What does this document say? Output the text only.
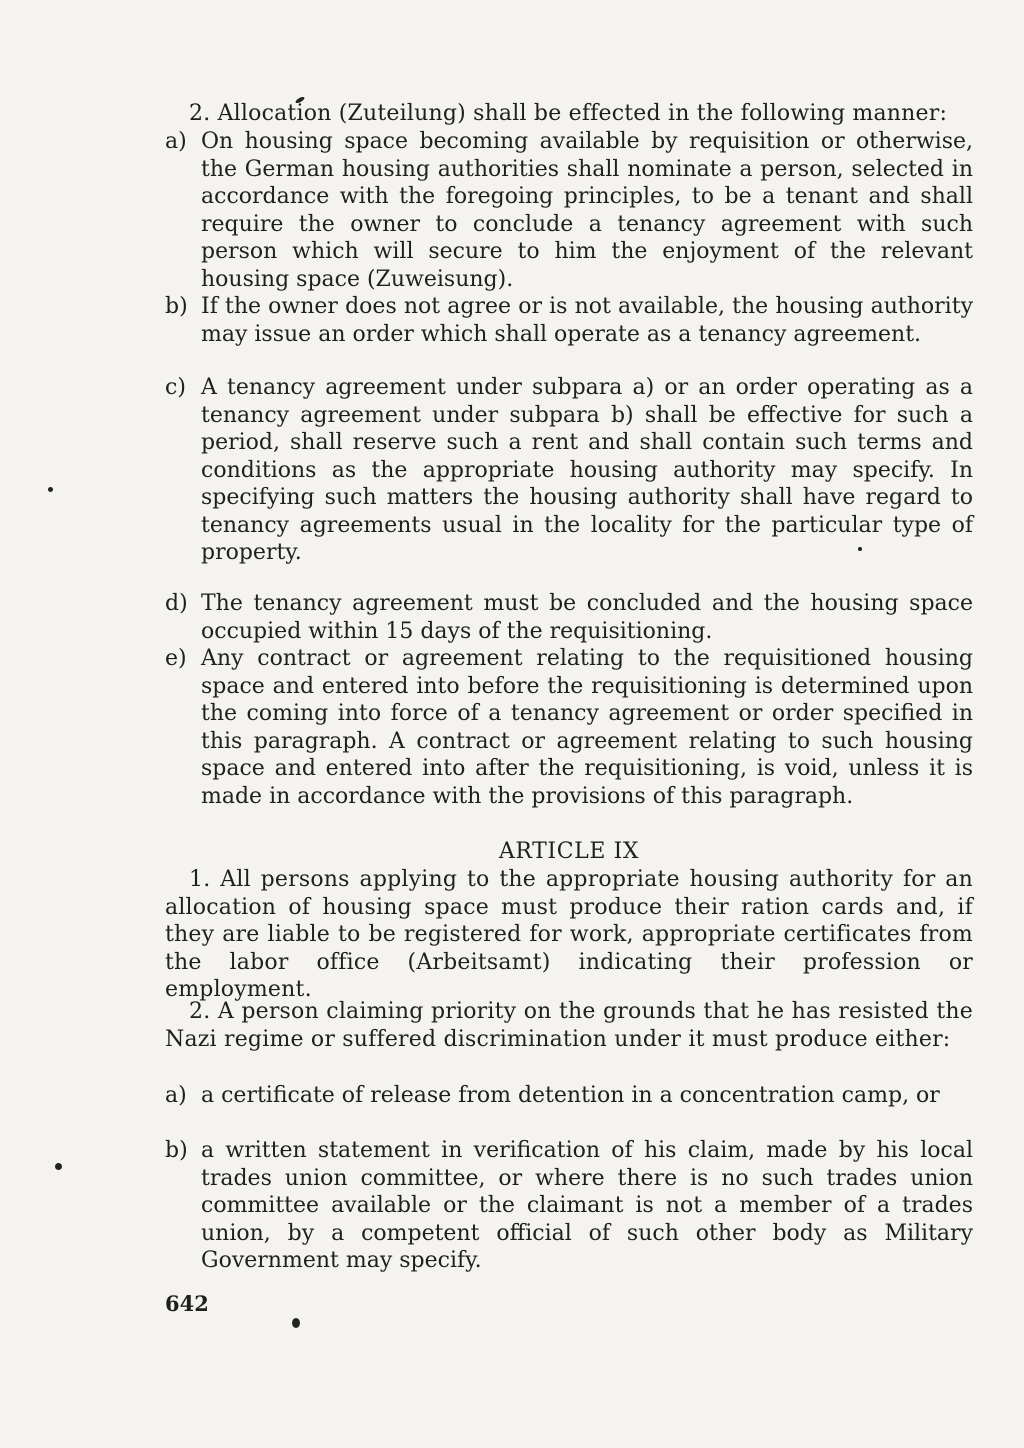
2. Allocation (Zuteilung) shall be effected in the following manner:
a) On housing space becoming available by requisition or otherwise, the German housing authorities shall nominate a person, selected in accordance with the foregoing principles, to be a tenant and shall require the owner to conclude a tenancy agreement with such person which will secure to him the enjoyment of the relevant housing space (Zuweisung).
b) If the owner does not agree or is not available, the housing authority may issue an order which shall operate as a tenancy agreement.
c) A tenancy agreement under subpara a) or an order operating as a tenancy agreement under subpara b) shall be effective for such a period, shall reserve such a rent and shall contain such terms and conditions as the appropriate housing authority may specify. In specifying such matters the housing authority shall have regard to tenancy agreements usual in the locality for the particular type of property.
d) The tenancy agreement must be concluded and the housing space occupied within 15 days of the requisitioning.
e) Any contract or agreement relating to the requisitioned housing space and entered into before the requisitioning is determined upon the coming into force of a tenancy agreement or order specified in this paragraph. A contract or agreement relating to such housing space and entered into after the requisitioning, is void, unless it is made in accordance with the provisions of this paragraph.
ARTICLE IX
1. All persons applying to the appropriate housing authority for an allocation of housing space must produce their ration cards and, if they are liable to be registered for work, appropriate certificates from the labor office (Arbeitsamt) indicating their profession or employment.
2. A person claiming priority on the grounds that he has resisted the Nazi regime or suffered discrimination under it must produce either:
a) a certificate of release from detention in a concentration camp, or
b) a written statement in verification of his claim, made by his local trades union committee, or where there is no such trades union committee available or the claimant is not a member of a trades union, by a competent official of such other body as Military Government may specify.
642
